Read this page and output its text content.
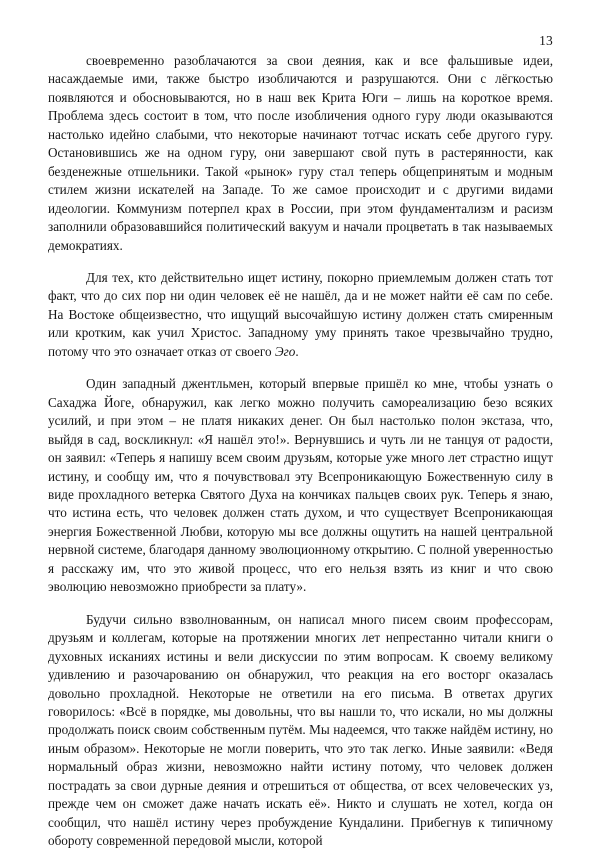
13

своевременно разоблачаются за свои деяния, как и все фальшивые идеи, насаждаемые ими, также быстро изобличаются и разрушаются. Они с лёгкостью появляются и обосновываются, но в наш век Крита Юги – лишь на короткое время. Проблема здесь состоит в том, что после изобличения одного гуру люди оказываются настолько идейно слабыми, что некоторые начинают тотчас искать себе другого гуру. Остановившись же на одном гуру, они завершают свой путь в растерянности, как безденежные отшельники. Такой «рынок» гуру стал теперь общепринятым и модным стилем жизни искателей на Западе. То же самое происходит и с другими видами идеологии. Коммунизм потерпел крах в России, при этом фундаментализм и расизм заполнили образовавшийся политический вакуум и начали процветать в так называемых демократиях.

Для тех, кто действительно ищет истину, покорно приемлемым должен стать тот факт, что до сих пор ни один человек её не нашёл, да и не может найти её сам по себе. На Востоке общеизвестно, что ищущий высочайшую истину должен стать смиренным или кротким, как учил Христос. Западному уму принять такое чрезвычайно трудно, потому что это означает отказ от своего Эго.

Один западный джентльмен, который впервые пришёл ко мне, чтобы узнать о Сахаджа Йоге, обнаружил, как легко можно получить самореализацию безо всяких усилий, и при этом – не платя никаких денег. Он был настолько полон экстаза, что, выйдя в сад, воскликнул: «Я нашёл это!». Вернувшись и чуть ли не танцуя от радости, он заявил: «Теперь я напишу всем своим друзьям, которые уже много лет страстно ищут истину, и сообщу им, что я почувствовал эту Всепроникающую Божественную силу в виде прохладного ветерка Святого Духа на кончиках пальцев своих рук. Теперь я знаю, что истина есть, что человек должен стать духом, и что существует Всепроникающая энергия Божественной Любви, которую мы все должны ощутить на нашей центральной нервной системе, благодаря данному эволюционному открытию. С полной уверенностью я расскажу им, что это живой процесс, что его нельзя взять из книг и что свою эволюцию невозможно приобрести за плату».

Будучи сильно взволнованным, он написал много писем своим профессорам, друзьям и коллегам, которые на протяжении многих лет непрестанно читали книги о духовных исканиях истины и вели дискуссии по этим вопросам. К своему великому удивлению и разочарованию он обнаружил, что реакция на его восторг оказалась довольно прохладной. Некоторые не ответили на его письма. В ответах других говорилось: «Всё в порядке, мы довольны, что вы нашли то, что искали, но мы должны продолжать поиск своим собственным путём. Мы надеемся, что также найдём истину, но иным образом». Некоторые не могли поверить, что это так легко. Иные заявили: «Ведя нормальный образ жизни, невозможно найти истину потому, что человек должен пострадать за свои дурные деяния и отрешиться от общества, от всех человеческих уз, прежде чем он сможет даже начать искать её». Никто и слушать не хотел, когда он сообщил, что нашёл истину через пробуждение Кундалини. Прибегнув к типичному обороту современной передовой мысли, которой
